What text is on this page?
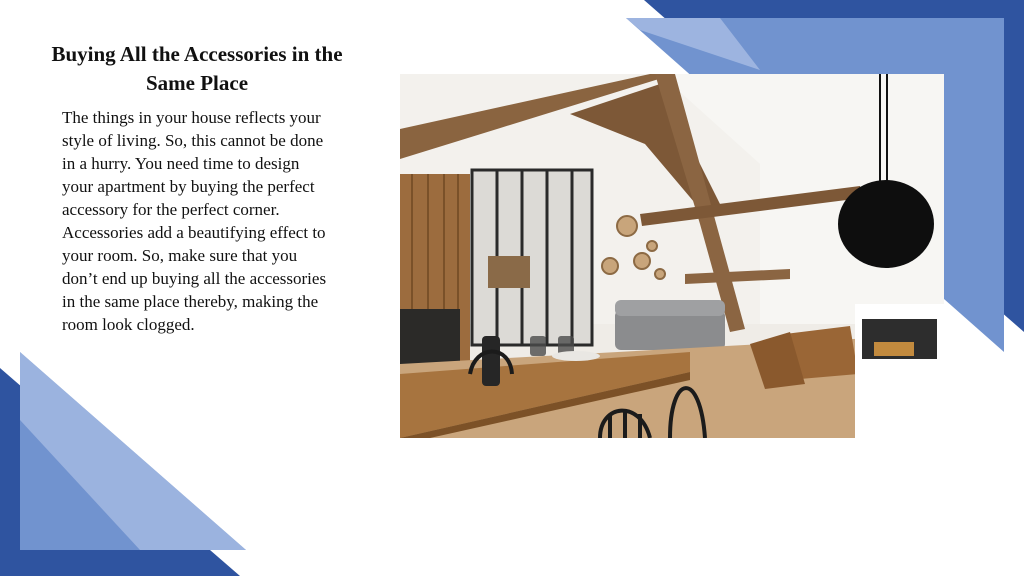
Buying All the Accessories in the Same Place

The things in your house reflects your style of living. So, this cannot be done in a hurry. You need time to design your apartment by buying the perfect accessory for the perfect corner. Accessories add a beautifying effect to your room. So, make sure that you don’t end up buying all the accessories in the same place thereby, making the room look clogged.
